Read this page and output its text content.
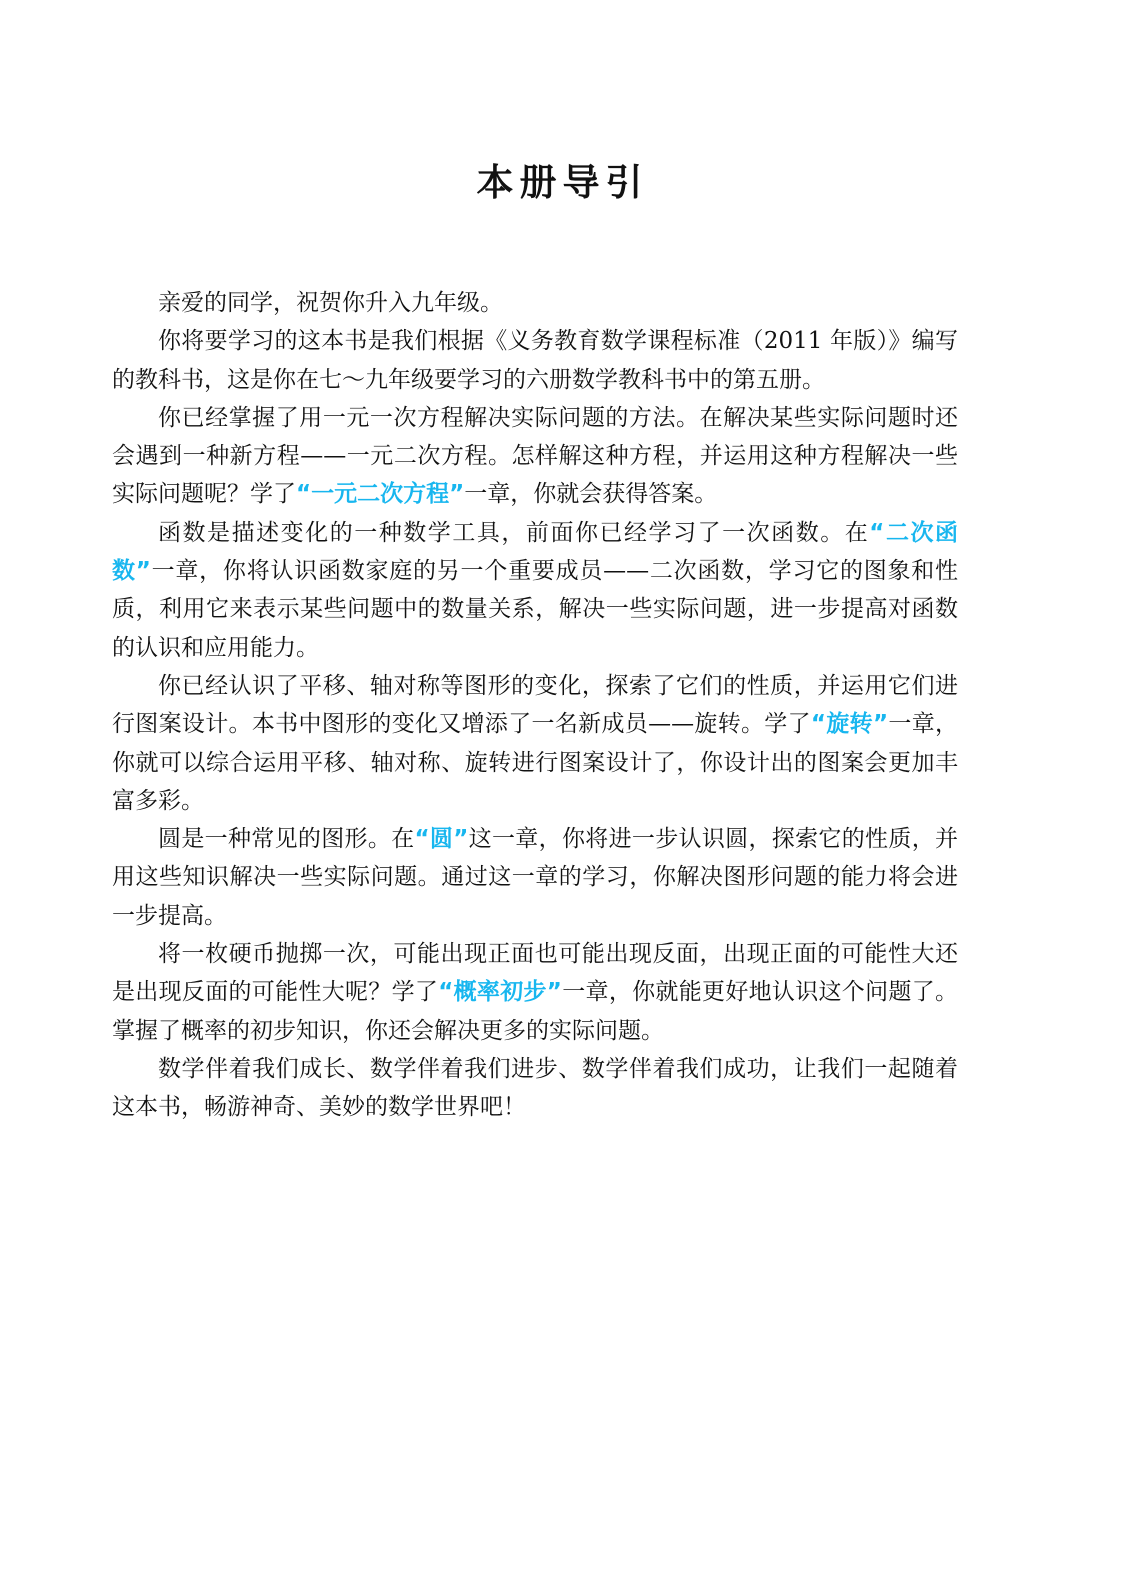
本册导引

亲爱的同学，祝贺你升入九年级。

你将要学习的这本书是我们根据《义务教育数学课程标准（2011 年版）》编写的教科书，这是你在七～九年级要学习的六册数学教科书中的第五册。

你已经掌握了用一元一次方程解决实际问题的方法。在解决某些实际问题时还会遇到一种新方程——一元二次方程。怎样解这种方程，并运用这种方程解决一些实际问题呢？学了“一元二次方程”一章，你就会获得答案。

函数是描述变化的一种数学工具，前面你已经学习了一次函数。在“二次函数”一章，你将认识函数家庭的另一个重要成员——二次函数，学习它的图象和性质，利用它来表示某些问题中的数量关系，解决一些实际问题，进一步提高对函数的认识和应用能力。

你已经认识了平移、轴对称等图形的变化，探索了它们的性质，并运用它们进行图案设计。本书中图形的变化又增添了一名新成员——旋转。学了“旋转”一章，你就可以综合运用平移、轴对称、旋转进行图案设计了，你设计出的图案会更加丰富多彩。

圆是一种常见的图形。在“圆”这一章，你将进一步认识圆，探索它的性质，并用这些知识解决一些实际问题。通过这一章的学习，你解决图形问题的能力将会进一步提高。

将一枚硬币抛掷一次，可能出现正面也可能出现反面，出现正面的可能性大还是出现反面的可能性大呢？学了“概率初步”一章，你就能更好地认识这个问题了。掌握了概率的初步知识，你还会解决更多的实际问题。

数学伴着我们成长、数学伴着我们进步、数学伴着我们成功，让我们一起随着这本书，畅游神奇、美妙的数学世界吧！
